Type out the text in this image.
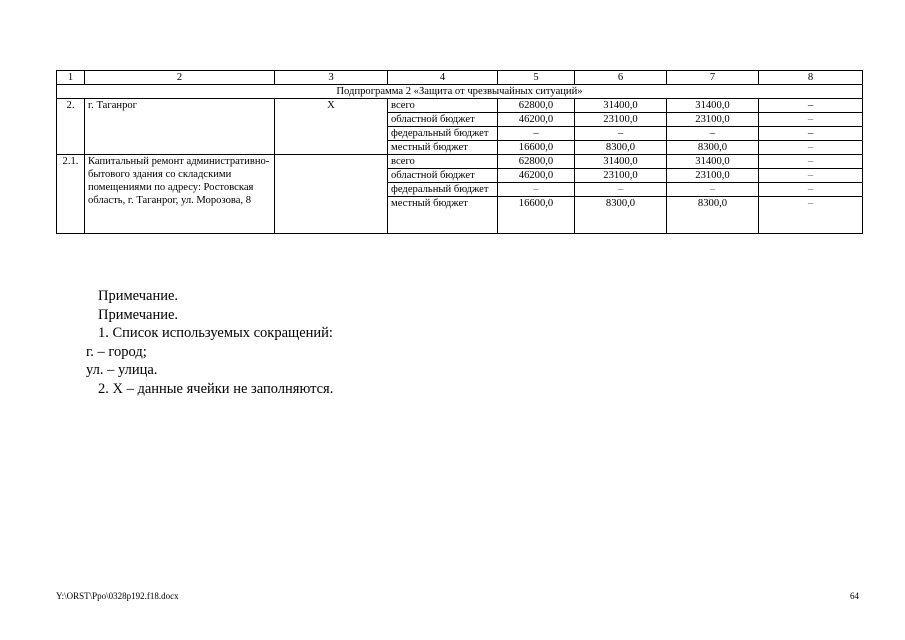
1	2	3	4	5	6	7	8
Подпрограмма 2 «Защита от чрезвычайных ситуаций»							
2.	г. Таганрог	Х	всего	62800,0	31400,0	31400,0	–
			областной бюджет	46200,0	23100,0	23100,0	–
			федеральный бюджет	–	–	–	–
			местный бюджет	16600,0	8300,0	8300,0	–
2.1.	Капитальный ремонт административно-бытового здания со складскими помещениями по адресу: Ростовская область, г. Таганрог, ул. Морозова, 8		всего	62800,0	31400,0	31400,0	–
			областной бюджет	46200,0	23100,0	23100,0	–
			федеральный бюджет	–	–	–	–
			местный бюджет	16600,0	8300,0	8300,0	–
Примечание.
Примечание.
1. Список используемых сокращений:
г. – город;
ул. – улица.
2. Х – данные ячейки не заполняются.
Y:\ORST\Ppo\0328p192.f18.docx	64
